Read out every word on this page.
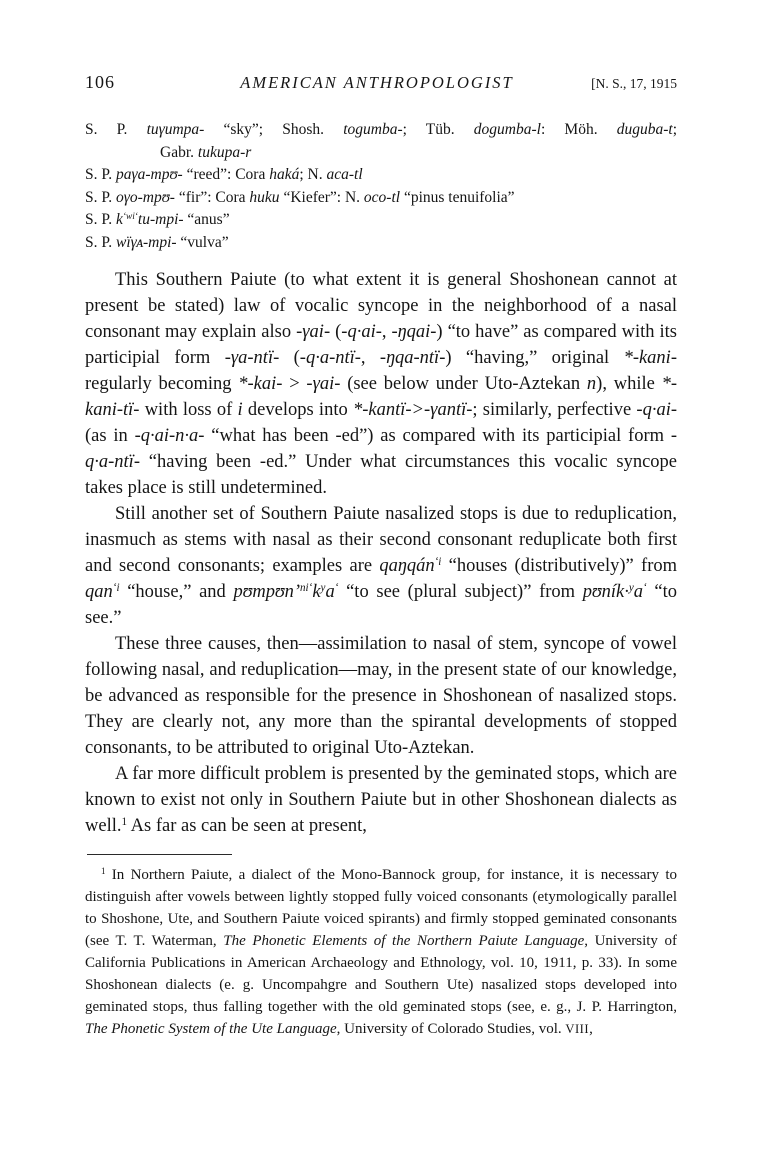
106	AMERICAN ANTHROPOLOGIST	[N. S., 17, 1915
S. P. tuγumpa- “sky”; Shosh. togumba-; Tüb. dogumba-l: Möh. duguba-t;
Gabr. tukupa-r
S. P. paγa-mpʊ- “reed”: Cora haká; N. aca-tl
S. P. oγo-mpʊ- “fir”: Cora huku “Kiefer”: N. oco-tl “pinus tenuifolia”
S. P. $k^{ʻwiʻ}tu-mpi-$ “anus”
S. P. wïγᴀ-mpi- “vulva”

This Southern Paiute (to what extent it is general Shoshonean cannot at present be stated) law of vocalic syncope in the neighborhood of a nasal consonant may explain also -γai- (-q·ai-, -ŋqai-) “to have” as compared with its participial form -γa-ntï- (-q·a-ntï-, -ŋqa-ntï-) “having,” original *-kani- regularly becoming *-kai- > -γai- (see below under Uto-Aztekan n), while *-kani-tï- with loss of i develops into *-kantï->-γantï-; similarly, perfective -q·ai- (as in -q·ai-n·a- “what has been -ed”) as compared with its participial form -q·a-ntï- “having been -ed.” Under what circumstances this vocalic syncope takes place is still undetermined.

Still another set of Southern Paiute nasalized stops is due to reduplication, inasmuch as stems with nasal as their second consonant reduplicate both first and second consonants; examples are qaŋqán$^{ʻi}$ “houses (distributively)” from qan$^{ʻi}$ “house,” and $pʊmpʊn’^{niʻ}k^ya^ʻ$ “to see (plural subject)” from $pʊník\cdot^ya^ʻ$ “to see.”

These three causes, then—assimilation to nasal of stem, syncope of vowel following nasal, and reduplication—may, in the present state of our knowledge, be advanced as responsible for the presence in Shoshonean of nasalized stops. They are clearly not, any more than the spirantal developments of stopped consonants, to be attributed to original Uto-Aztekan.

A far more difficult problem is presented by the geminated stops, which are known to exist not only in Southern Paiute but in other Shoshonean dialects as well.$^1$ As far as can be seen at present,

$^1$ In Northern Paiute, a dialect of the Mono-Bannock group, for instance, it is necessary to distinguish after vowels between lightly stopped fully voiced consonants (etymologically parallel to Shoshone, Ute, and Southern Paiute voiced spirants) and firmly stopped geminated consonants (see T. T. Waterman, The Phonetic Elements of the Northern Paiute Language, University of California Publications in American Archaeology and Ethnology, vol. 10, 1911, p. 33). In some Shoshonean dialects (e. g. Uncompahgre and Southern Ute) nasalized stops developed into geminated stops, thus falling together with the old geminated stops (see, e. g., J. P. Harrington, The Phonetic System of the Ute Language, University of Colorado Studies, vol. VIII,
